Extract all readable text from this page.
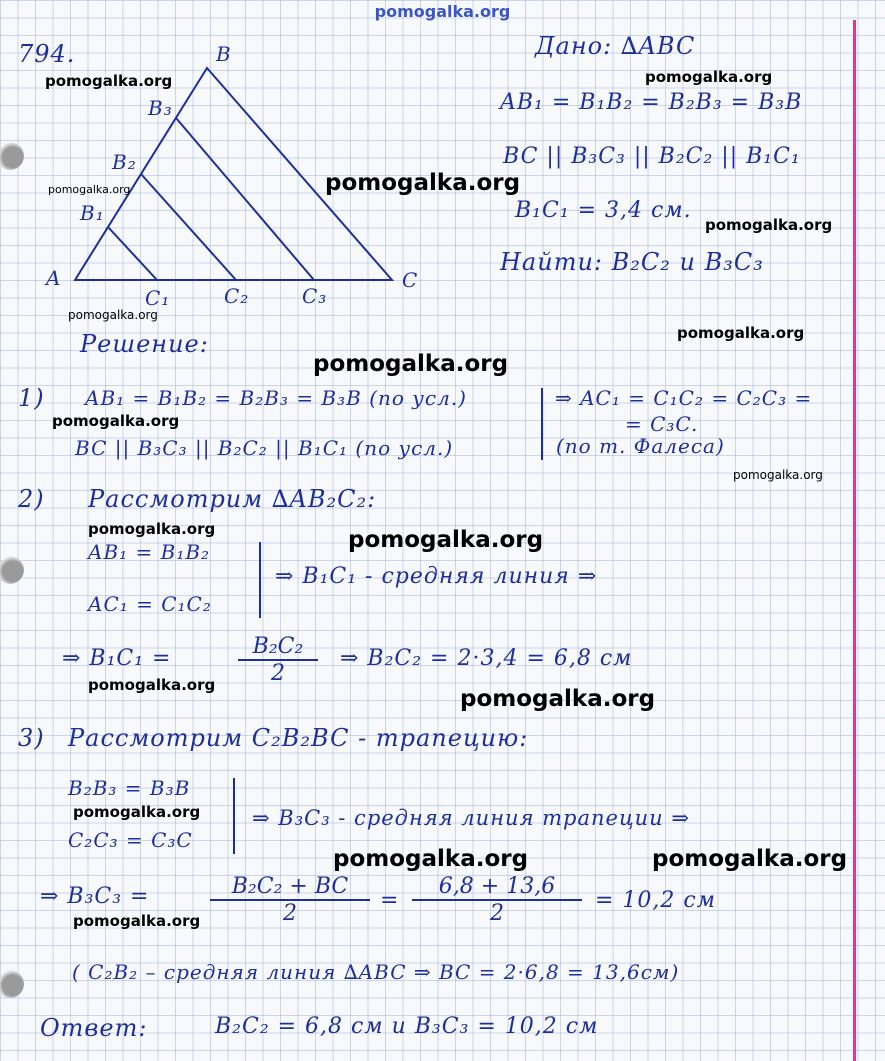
pomogalka.org
794.	B
A	C
B₃
B₂
B₁
C₁	C₂	C₃
Дано: ∆ABC
AB₁ = B₁B₂ = B₂B₃ = B₃B
BC || B₃C₃ || B₂C₂ || B₁C₁
B₁C₁ = 3,4 см.
Найти: B₂C₂ и B₃C₃
Решение:
1) AB₁ = B₁B₂ = B₂B₃ = B₃B (по усл.)
BC || B₃C₃ || B₂C₂ || B₁C₁ (по усл.)
⇒ AC₁ = C₁C₂ = C₂C₃ =
= C₃C.
(по т. Фалеса)
2) Рассмотрим ∆AB₂C₂:
AB₁ = B₁B₂
AC₁ = C₁C₂
⇒ B₁C₁ - средняя линия ⇒
⇒ B₁C₁ =	$\frac{\text{B₂C₂}}{2}$ ⇒ B₂C₂ = 2·3,4 = 6,8 см
3) Рассмотрим C₂B₂BC - трапецию:
B₂B₃ = B₃B
C₂C₃ = C₃C
⇒ B₃C₃ - средняя линия трапеции ⇒
⇒ B₃C₃ =	$\frac{\text{B₂C₂ + BC}}{2} = \frac{6,8 + 13,6}{2} = 10,2$ см
( C₂B₂ – средняя линия ∆ABC ⇒ BC = 2·6,8 = 13,6см)
Ответ:	B₂C₂ = 6,8 см и B₃C₃ = 10,2 см
pomogalka.org	pomogalka.org
pomogalka.org	pomogalka.org
pomogalka.org
pomogalka.org
pomogalka.org
pomogalka.org
pomogalka.org
pomogalka.org
pomogalka.org	pomogalka.org
pomogalka.org
pomogalka.org
pomogalka.org
pomogalka.org	pomogalka.org
pomogalka.org
